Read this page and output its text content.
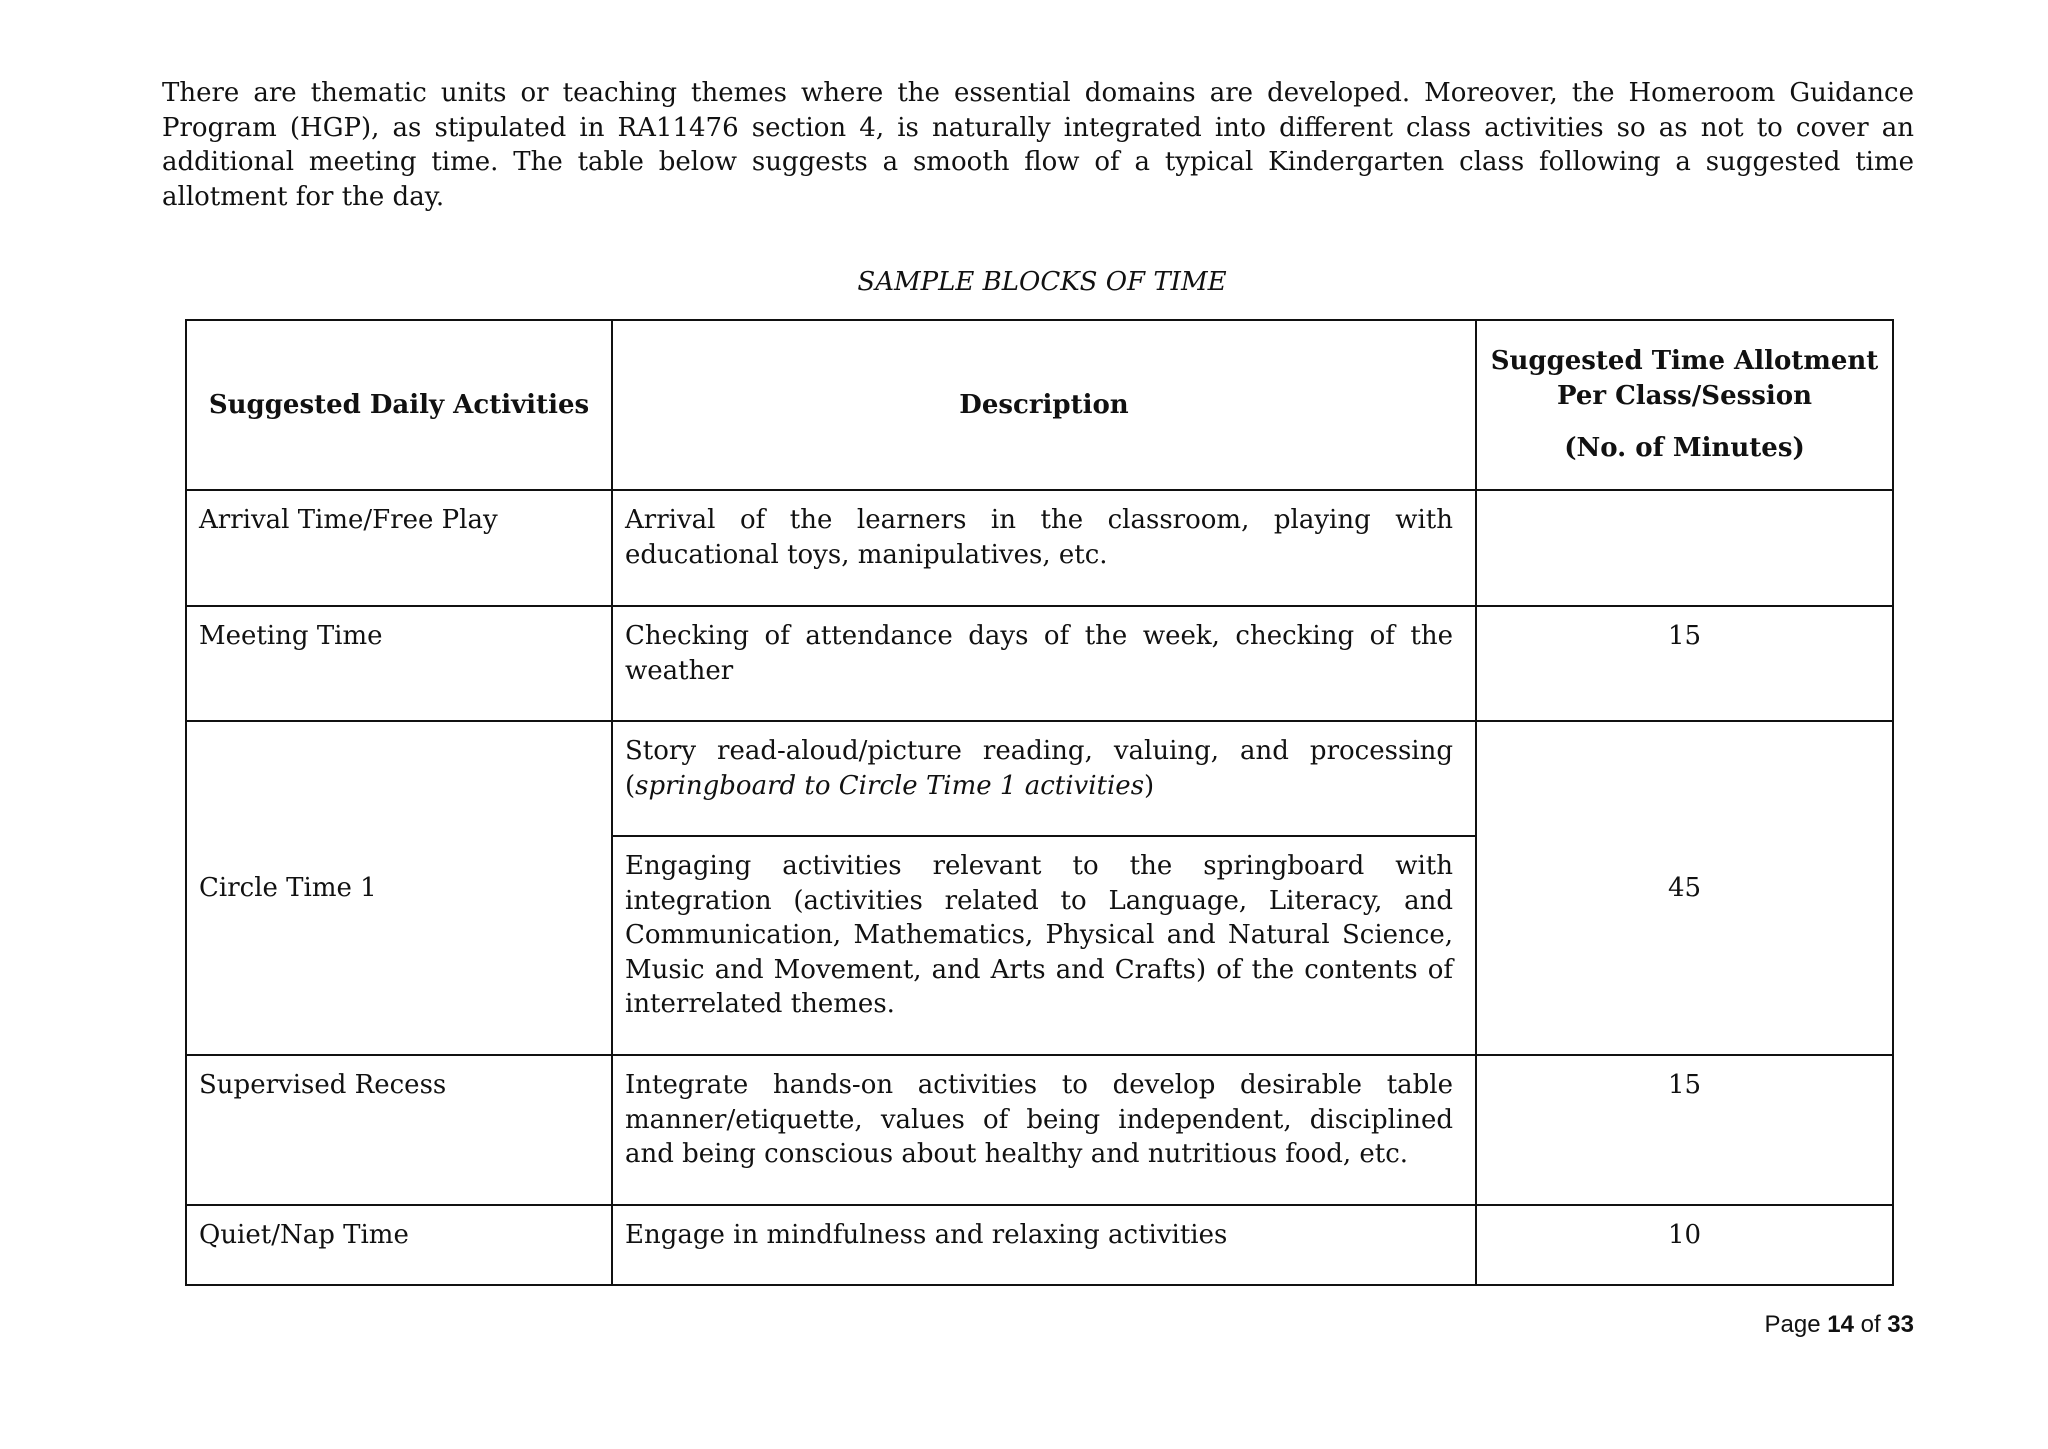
There are thematic units or teaching themes where the essential domains are developed. Moreover, the Homeroom Guidance Program (HGP), as stipulated in RA11476 section 4, is naturally integrated into different class activities so as not to cover an additional meeting time. The table below suggests a smooth flow of a typical Kindergarten class following a suggested time allotment for the day.

SAMPLE BLOCKS OF TIME
Suggested Daily Activities	Description	Suggested Time Allotment Per Class/Session

(No. of Minutes)

Arrival Time/Free Play	Arrival of the learners in the classroom, playing with educational toys, manipulatives, etc.	
Meeting Time	Checking of attendance days of the week, checking of the weather	15
Circle Time 1	Story read-aloud/picture reading, valuing, and processing (springboard to Circle Time 1 activities)	45
	Engaging activities relevant to the springboard with integration (activities related to Language, Literacy, and Communication, Mathematics, Physical and Natural Science, Music and Movement, and Arts and Crafts) of the contents of interrelated themes.	
Supervised Recess	Integrate hands-on activities to develop desirable table manner/etiquette, values of being independent, disciplined and being conscious about healthy and nutritious food, etc.	15
Quiet/Nap Time	Engage in mindfulness and relaxing activities	10
Page 14 of 33
